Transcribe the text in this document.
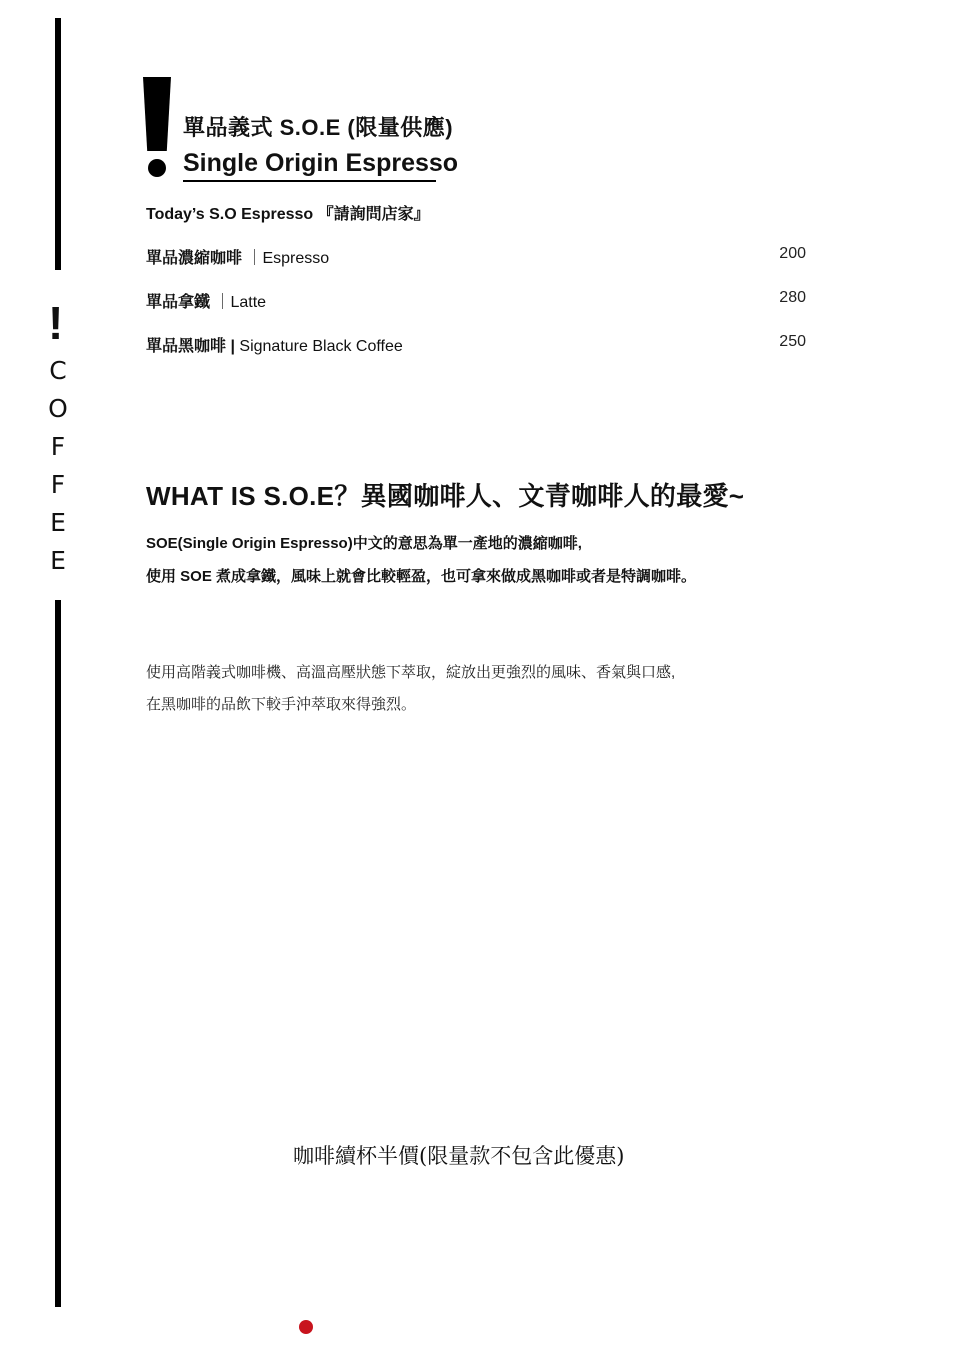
!
C
O
F
F
E
E
單品義式 S.O.E (限量供應)
Single Origin Espresso
Today’s S.O Espresso 『請詢問店家』
單品濃縮咖啡 ｜Espresso	200
單品拿鐵 ｜Latte	280
單品黑咖啡 | Signature Black Coffee	250
WHAT IS S.O.E？異國咖啡人、文青咖啡人的最愛~
SOE(Single Origin Espresso)中文的意思為單一產地的濃縮咖啡,
使用 SOE 煮成拿鐵，風味上就會比較輕盈，也可拿來做成黑咖啡或者是特調咖啡。
使用高階義式咖啡機、高溫高壓狀態下萃取，綻放出更強烈的風味、香氣與口感,
在黑咖啡的品飲下較手沖萃取來得強烈。
咖啡續杯半價(限量款不包含此優惠)
